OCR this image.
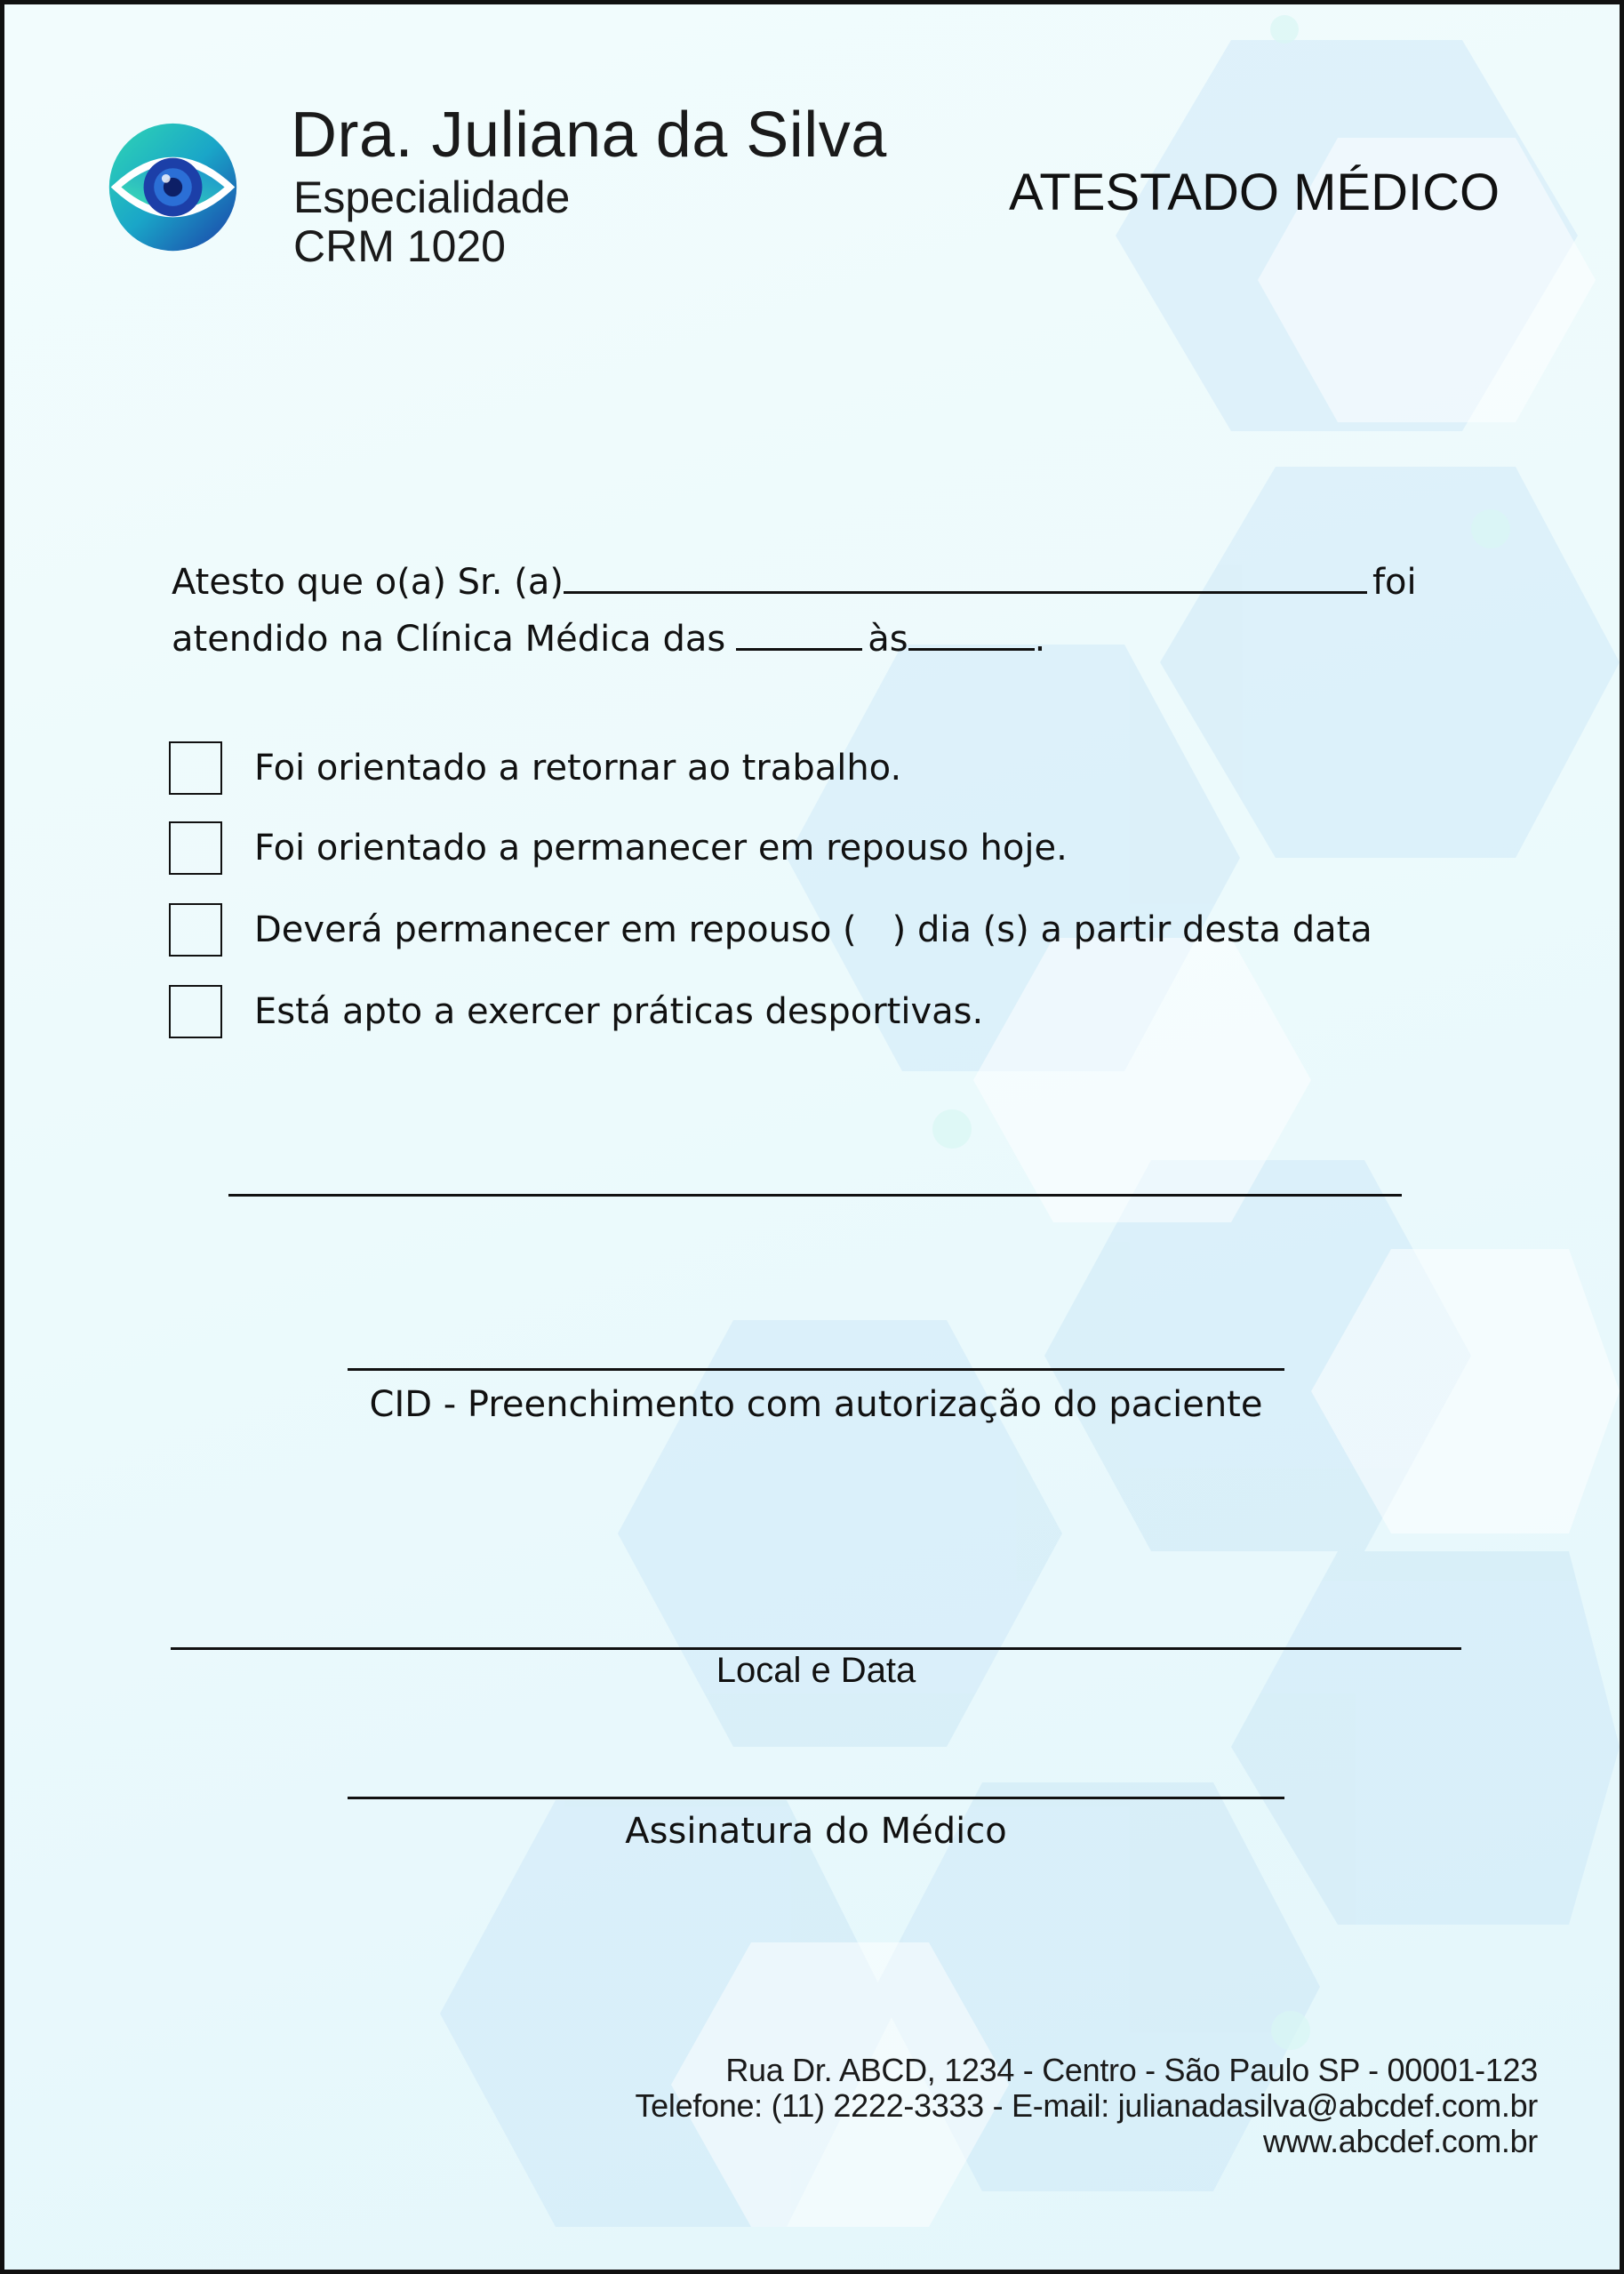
Dra. Juliana da Silva
Especialidade
CRM 1020
ATESTADO MÉDICO
Atesto que o(a) Sr. (a)	foi
atendido na Clínica Médica das	às	.
Foi orientado a retornar ao trabalho.
Foi orientado a permanecer em repouso hoje.
Deverá permanecer em repouso ( ) dia (s) a partir desta data
Está apto a exercer práticas desportivas.
CID - Preenchimento com autorização do paciente
Local e Data
Assinatura do Médico
Rua Dr. ABCD, 1234 - Centro - São Paulo SP - 00001-123
Telefone: (11) 2222-3333 - E-mail: julianadasilva@abcdef.com.br
www.abcdef.com.br
